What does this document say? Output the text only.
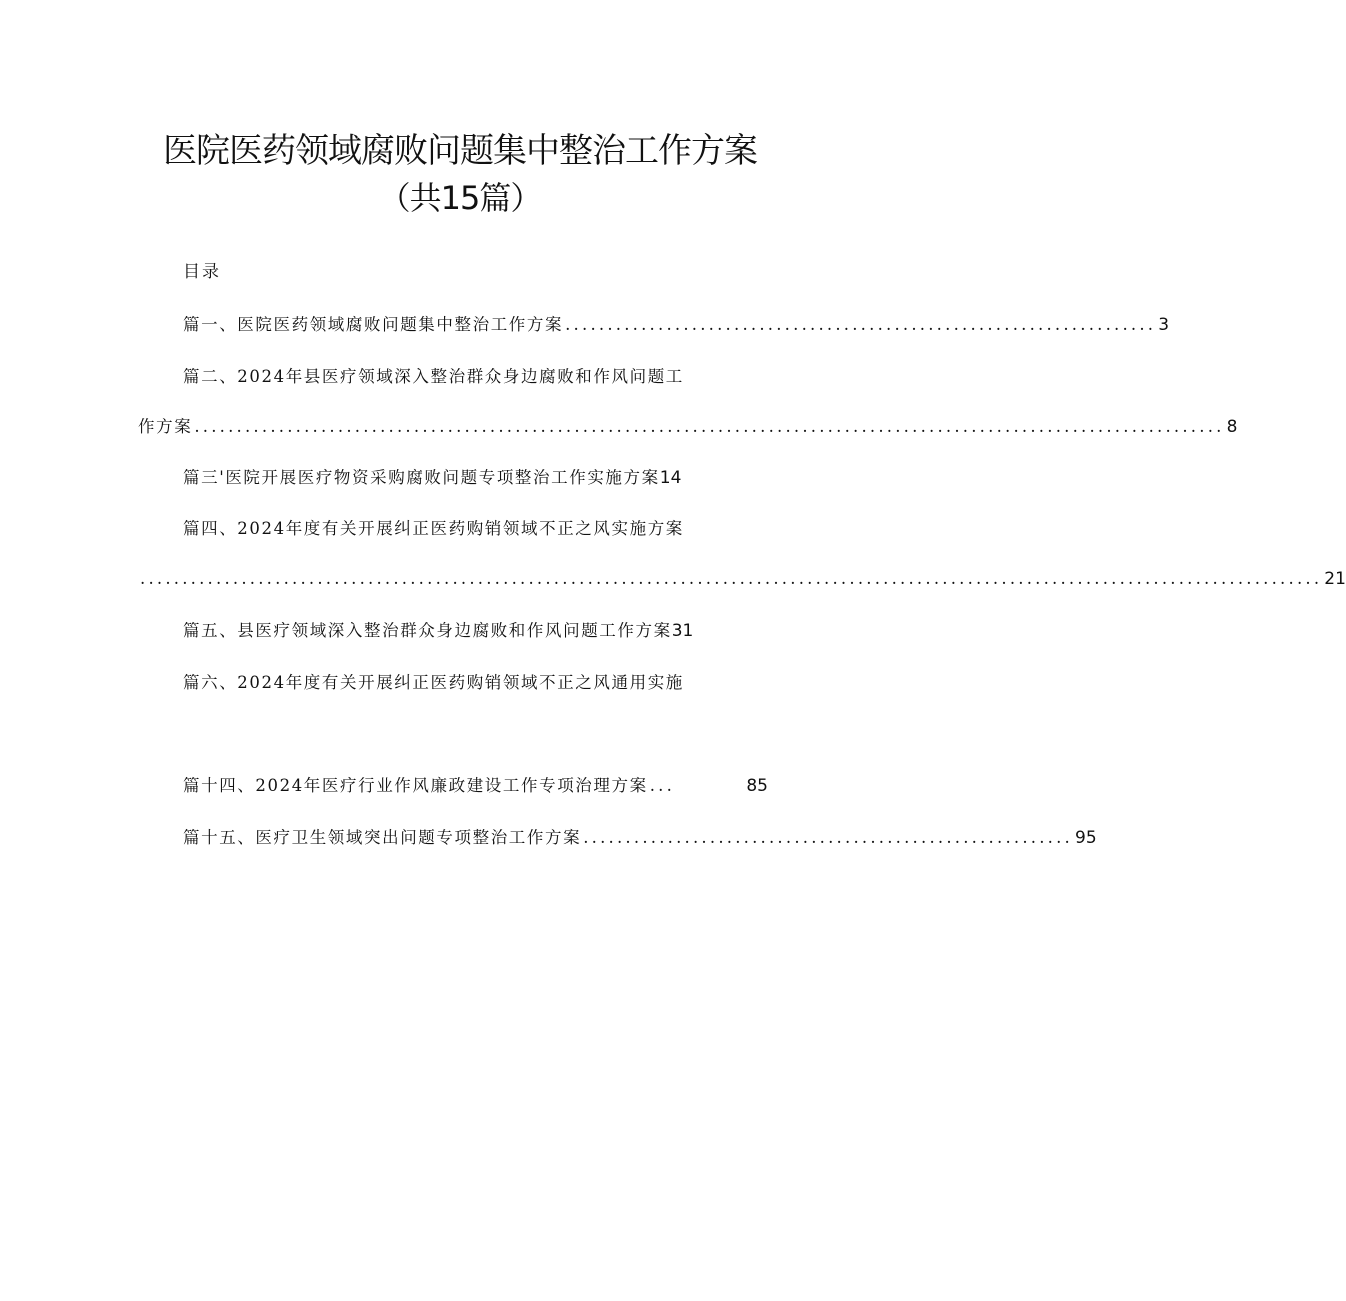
医院医药领域腐败问题集中整治工作方案
（共15篇）
目录
篇一、医院医药领域腐败问题集中整治工作方案 ...................................................................... 3
篇二、2024年县医疗领域深入整治群众身边腐败和作风问题工
作方案 .......................................................................................................................... 8
篇三'医院开展医疗物资采购腐败问题专项整治工作实施方案 14
篇四、2024年度有关开展纠正医药购销领域不正之风实施方案
............................................................................................................................................ 21
篇五、县医疗领域深入整治群众身边腐败和作风问题工作方案 31
篇六、2024年度有关开展纠正医药购销领域不正之风通用实施
篇十四、2024年医疗行业作风廉政建设工作专项治理方案 ...	85
篇十五、医疗卫生领域突出问题专项整治工作方案 .......................................................... 95
